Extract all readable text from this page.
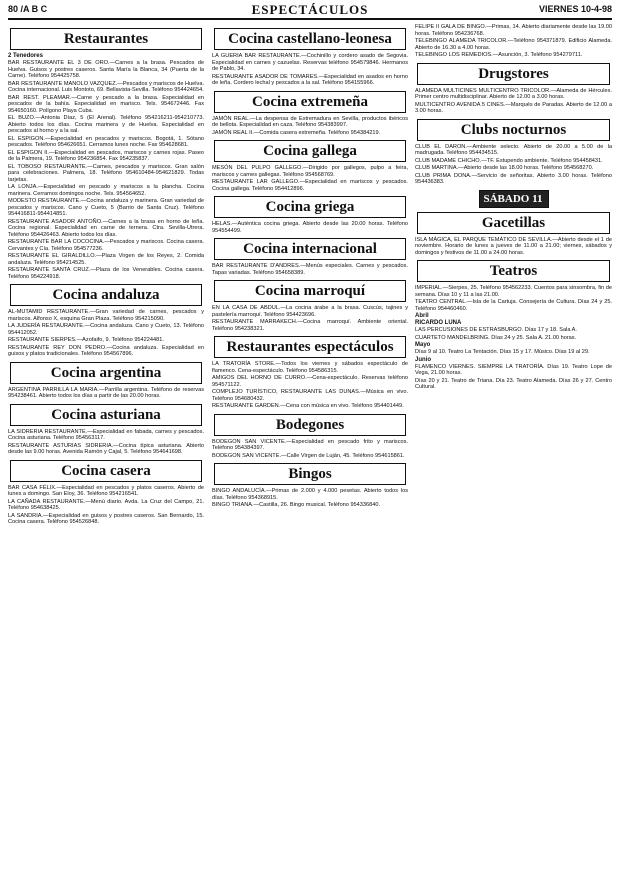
80 /A B C	ESPECTÁCULOS	VIERNES 10-4-98
Restaurantes
2 Tenedores

BAR RESTAURANTE EL 3 DE ORO.—Carnes a la brasa. Pescados de Huelva. Guisos y postres caseros. Santa María la Blanca, 34 (Puerta de la Carne). Teléfono 954425758.

BAR RESTAURANTE MANOLO VAZQUEZ.—Pescados y mariscos de Huelva. Cocina internacional. Luis Montoto, 69. Bellavista-Sevilla. Teléfono 954424654.

BAR REST. PLEAMAR.—Carne y pescado a la brasa. Especialidad en pescados de la bahía. Especialidad en marisco. Tels. 954672446. Fax 954650160. Polígono Playa Cuba.

EL BUZO.—Antonia Díaz, 5 (El Arenal). Teléfono 954216211-954210773. Abierto todos los días. Cocina marinera y de Huelva. Especialidad en pescados al horno y a la sal.

EL ESPIGON.—Especialidad en pescados y mariscos. Bogotá, 1. Sótano pescados. Teléfono 954626651. Cerramos lunes noche. Fax 954628681.

EL ESPIGON II.—Especialidad en pescados, mariscos y carnes rojas. Paseo de la Palmera, 19. Teléfono 954236854. Fax 954235837.

EL TOBOSO RESTAURANTE.—Carnes, pescados y mariscos. Gran salón para celebraciones. Palmera, 18. Teléfono 954610484-954621829. Todas tarjetas.

LA LONJA.—Especialidad en pescado y mariscos a la plancha. Cocina marinera. Cerramos domingos noche. Tels. 954564652.

MODESTO RESTAURANTE.—Cocina andaluza y marinera. Gran variedad de pescados y mariscos. Cano y Cueto, 5 (Barrio de Santa Cruz). Teléfono 954416811-954414851.

RESTAURANTE ASADOR ANTOÑO.—Carnes a la brasa en horno de leña. Cocina regional. Especialidad en carne de ternera. Ctra. Sevilla-Utrera. Teléfono 954426463. Abierto todos los días.

RESTAURANTE BAR LA COCOCINA.—Pescados y mariscos. Cocina casera. Cervantes y Cía. Teléfono 954577236.

RESTAURANTE EL GIRALDILLO.—Plaza Virgen de los Reyes, 2. Comida andaluza. Teléfono 954214525.

RESTAURANTE SANTA CRUZ.—Plaza de los Venerables. Cocina casera. Teléfono 954224918.

Cocina andaluza

AL-MUTAMID RESTAURANTE.—Gran variedad de carnes, pescados y mariscos. Alfonso X, esquina Gran Plaza. Teléfono 954215090.

LA JUDERÍA RESTAURANTE.—Cocina andaluza. Cano y Cueto, 13. Teléfono 954412052.

RESTAURANTE SIERPES.—Azofaifo, 9. Teléfono 954224481.

RESTAURANTE REY DON PEDRO.—Cocina andaluza. Especialidad en guisos y platos tradicionales. Teléfono 954567896.

Cocina argentina

ARGENTINA PARRILLA LA MARIA.—Parrilla argentina. Teléfono de reservas 954238461. Abierto todos los días a partir de las 20.00 horas.

Cocina asturiana

LA SIDRERIA RESTAURANTE.—Especialidad en fabada, carnes y pescados. Cocina asturiana. Teléfono 954563117.

RESTAURANTE ASTURIAS SIDRERIA.—Cocina típica asturiana. Abierto desde las 9.00 horas. Avenida Ramón y Cajal, 5. Teléfono 954641698.

Cocina casera

BAR CASA FÉLIX.—Especialidad en pescados y platos caseros. Abierto de lunes a domingo. San Eloy, 36. Teléfono 954216541.

LA CAÑADA RESTAURANTE.—Menú diario. Avda. La Cruz del Campo, 21. Teléfono 954638425.

LA SANDRIA.—Especialidad en guisos y postres caseros. San Bernardo, 15. Cocina casera. Teléfono 954526848.

Cocina castellano-leonesa

LA GUERIA BAR RESTAURANTE.—Cochinillo y cordero asado de Segovia. Especialidad en carnes y cazuelas. Reservas teléfono 954579846. Hermanos de Pablo, 34.

RESTAURANTE ASADOR DE TOMARES.—Especialidad en asados en horno de leña. Cordero lechal y pescados a la sal. Teléfono 954155966.

Cocina extremeña

JAMÓN REAL.—La despensa de Extremadura en Sevilla, productos ibéricos de bellota. Especialidad en caza. Teléfono 954383997.

JAMÓN REAL II.—Comida casera extremeña. Teléfono 954384219.

Cocina gallega

MESÓN DEL PULPO GALLEGO.—Dirigido por gallegos, pulpo a feira, mariscos y carnes gallegas. Teléfono 954568769.

RESTAURANTE LAR GALLEGO.—Especialidad en mariscos y pescados. Cocina gallega. Teléfono 954412896.

Cocina griega

HELAS.—Auténtica cocina griega. Abierto desde las 20.00 horas. Teléfono 954554499.

Cocina internacional

BAR RESTAURANTE D'ANDRES.—Menús especiales. Carnes y pescados. Tapas variadas. Teléfono 954658389.

Cocina marroquí

EN LA CASA DE ABDUL.—La cocina árabe a la brasa. Cuscús, tajines y pastelería marroquí. Teléfono 954423696.

RESTAURANTE MARRAKECH.—Cocina marroquí. Ambiente oriental. Teléfono 954238321.

Restaurantes espectáculos

LA TRATORÍA STORE.—Todos los viernes y sábados espectáculo de flamenco. Cena-espectáculo. Teléfono 954586315.

AMIGOS DEL HORNO DE CURRO.—Cena-espectáculo. Reservas teléfono 954571122.

COMPLEJO TURÍSTICO, RESTAURANTE LAS DUNAS.—Música en vivo. Teléfono 954680432.

RESTAURANTE GARDEN.—Cena con música en vivo. Teléfono 954401449.

Bodegones

BODEGON SAN VICENTE.—Especialidad en pescado frito y mariscos. Teléfono 954384397.

BODEGON SAN VICENTE.—Calle Virgen de Luján, 45. Teléfono 954615861.

Bingos

BINGO ANDALUCÍA.—Primas de 2.000 y 4.000 pesetas. Abierto todos los días. Teléfono 954368915.

BINGO TRIANA.—Castilla, 26. Bingo musical. Teléfono 954336840.

FELIPE II GALA DE BINGO.—Primas, 14. Abierto diariamente desde las 19.00 horas. Teléfono 954236768.

TELEBINGO ALAMEDA TRICOLOR.—Teléfono 954371879. Edificio Alameda. Abierto de 16.30 a 4.00 horas.

TELEBINGO LOS REMEDIOS.—Asunción, 3. Teléfono 954279711.

Drugstores

ALAMEDA MULTICINES MULTICENTRO TRICOLOR.—Alameda de Hércules. Primer centro multidisciplinar. Abierto de 12.00 a 3.00 horas.

MULTICENTRO AVENIDA 5 CINES.—Marqués de Paradas. Abierto de 12.00 a 3.00 horas.

Clubs nocturnos

CLUB EL DARON.—Ambiente selecto. Abierto de 20.00 a 5.00 de la madrugada. Teléfono 954434515.

CLUB MADAME CHICHO.—TF. Estupendo ambiente. Teléfono 954458431.

CLUB MARTINA.—Abierto desde las 18.00 horas. Teléfono 954568270.

CLUB PRIMA DONA.—Servicio de señoritas. Abierto 3.00 horas. Teléfono 954436383.

SÁBADO 11
Gacetillas

ISLA MÁGICA, EL PARQUE TEMÁTICO DE SEVILLA.—Abierto desde el 1 de noviembre. Horario de lunes a jueves de 11.00 a 21.00; viernes, sábados y domingos y festivos de 11.00 a 24.00 horas.

Teatros

IMPERIAL.—Sierpes, 25. Teléfono 954562233. Cuentos para sinsombra, fin de semana. Días 10 y 11 a las 21.00.

TEATRO CENTRAL.—Isla de la Cartuja. Consejería de Cultura. Días 24 y 25. Teléfono 954460460.

Abril
RICARDO LUNA

LAS PERCUSIONES DE ESTRASBURGO. Días 17 y 18. Sala A.

CUARTETO MANDELBRING. Días 24 y 25. Sala A. 21.00 horas.

Mayo

Días 9 al 10. Teatro La Tentación. Días 15 y 17. Músico. Días 19 al 29.

Junio

FLAMENCO VIERNES. SIEMPRE LA TRATORÍA. Días 19. Teatro Lope de Vega, 21.00 horas.

Días 20 y 21. Teatro de Triana. Día 23. Teatro Alameda. Días 26 y 27. Centro Cultural.
